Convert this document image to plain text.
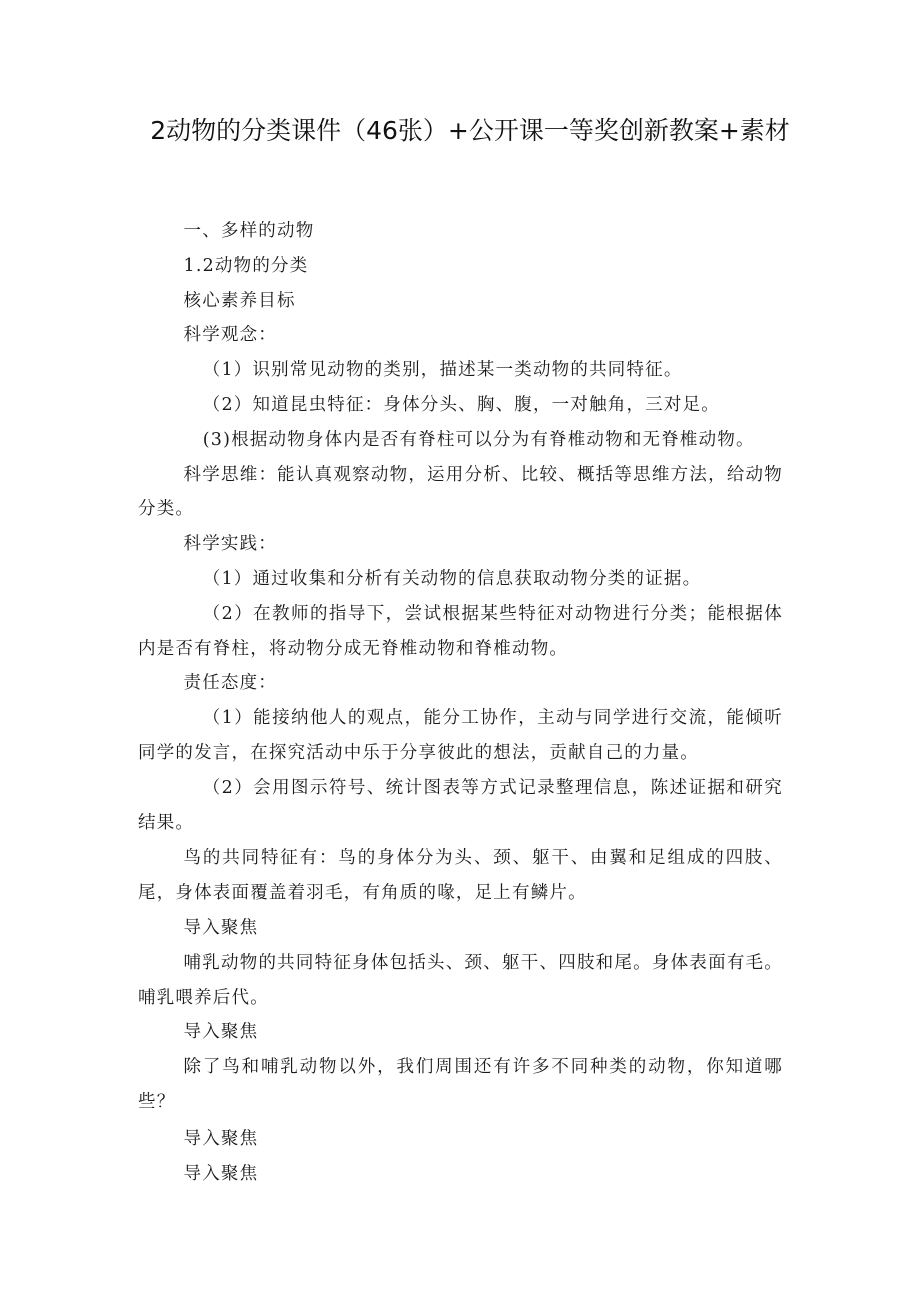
2动物的分类课件（46张）+公开课一等奖创新教案+素材

一、多样的动物

1.2动物的分类

核心素养目标

科学观念：

（1）识别常见动物的类别，描述某一类动物的共同特征。

（2）知道昆虫特征：身体分头、胸、腹，一对触角，三对足。

(3)根据动物身体内是否有脊柱可以分为有脊椎动物和无脊椎动物。

科学思维：能认真观察动物，运用分析、比较、概括等思维方法，给动物分类。

科学实践：

（1）通过收集和分析有关动物的信息获取动物分类的证据。

（2）在教师的指导下，尝试根据某些特征对动物进行分类；能根据体内是否有脊柱，将动物分成无脊椎动物和脊椎动物。

责任态度：

（1）能接纳他人的观点，能分工协作，主动与同学进行交流，能倾听同学的发言，在探究活动中乐于分享彼此的想法，贡献自己的力量。

（2）会用图示符号、统计图表等方式记录整理信息，陈述证据和研究结果。

鸟的共同特征有：鸟的身体分为头、颈、躯干、由翼和足组成的四肢、尾，身体表面覆盖着羽毛，有角质的喙，足上有鳞片。

导入聚焦

哺乳动物的共同特征身体包括头、颈、躯干、四肢和尾。身体表面有毛。哺乳喂养后代。

导入聚焦

除了鸟和哺乳动物以外，我们周围还有许多不同种类的动物，你知道哪些？

导入聚焦

导入聚焦
